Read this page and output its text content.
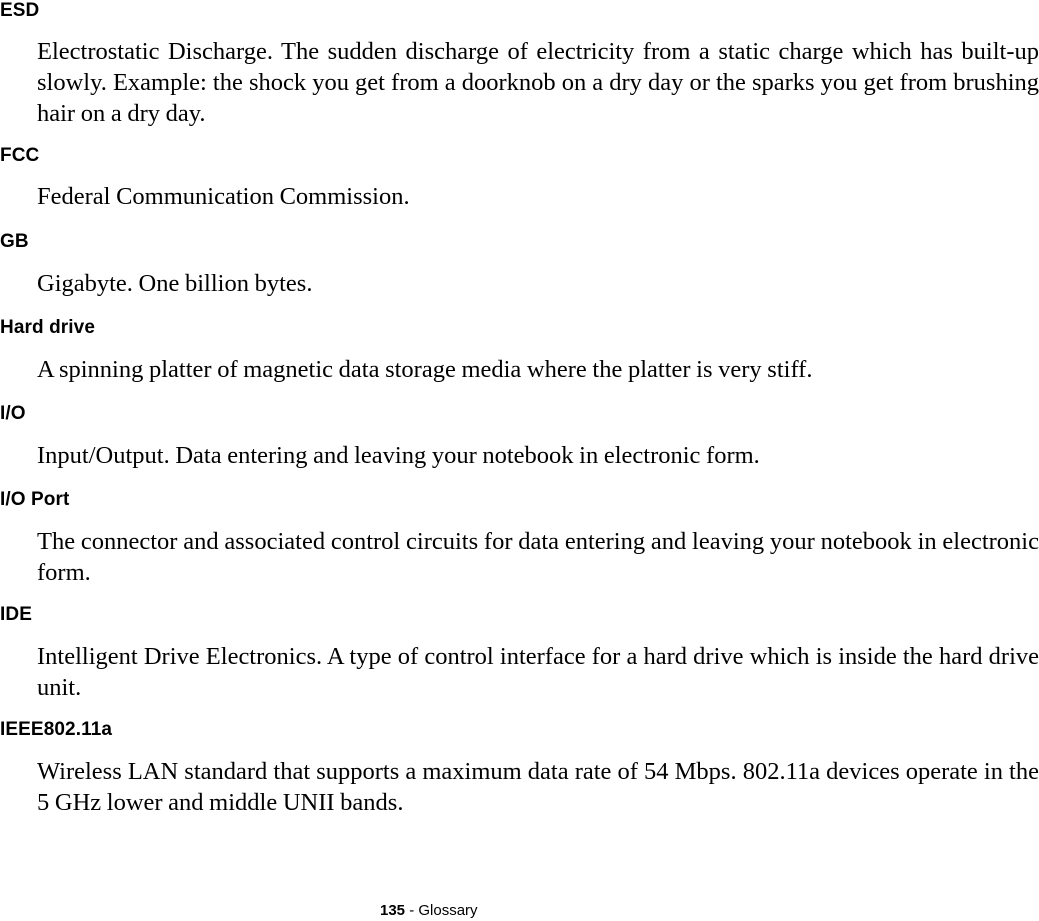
ESD
Electrostatic Discharge. The sudden discharge of electricity from a static charge which has built-up slowly. Example: the shock you get from a doorknob on a dry day or the sparks you get from brushing hair on a dry day.
FCC
Federal Communication Commission.
GB
Gigabyte. One billion bytes.
Hard drive
A spinning platter of magnetic data storage media where the platter is very stiff.
I/O
Input/Output. Data entering and leaving your notebook in electronic form.
I/O Port
The connector and associated control circuits for data entering and leaving your notebook in electronic form.
IDE
Intelligent Drive Electronics. A type of control interface for a hard drive which is inside the hard drive unit.
IEEE802.11a
Wireless LAN standard that supports a maximum data rate of 54 Mbps. 802.11a devices operate in the 5 GHz lower and middle UNII bands.
135 - Glossary
